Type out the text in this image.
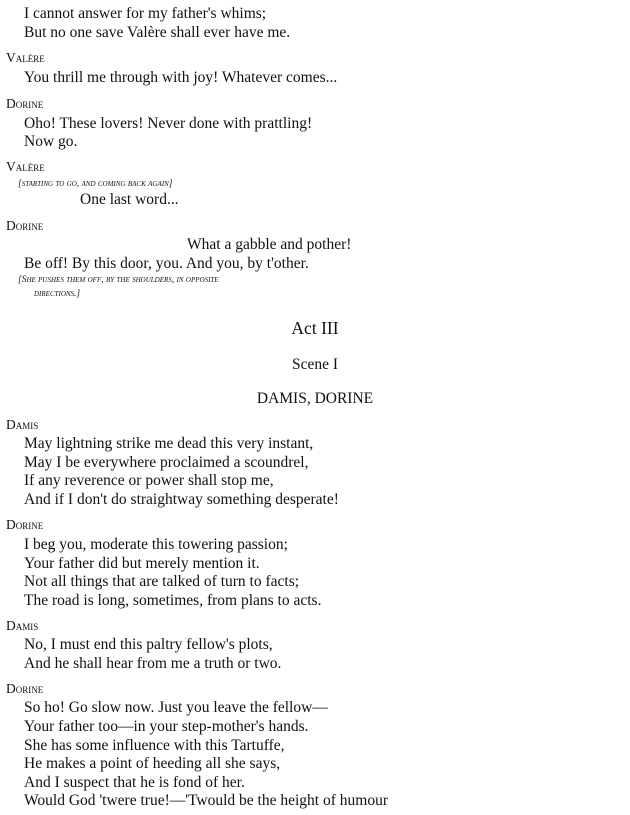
I cannot answer for my father's whims;
But no one save Valère shall ever have me.
Valère
You thrill me through with joy! Whatever comes...
Dorine
Oho! These lovers! Never done with prattling!
Now go.
Valère
[starting to go, and coming back again]
One last word...
Dorine
What a gabble and pother!
Be off! By this door, you. And you, by t'other.
[She pushes them off, by the shoulders, in opposite
directions.]
Act III
Scene I
DAMIS, DORINE
Damis
May lightning strike me dead this very instant,
May I be everywhere proclaimed a scoundrel,
If any reverence or power shall stop me,
And if I don't do straightway something desperate!
Dorine
I beg you, moderate this towering passion;
Your father did but merely mention it.
Not all things that are talked of turn to facts;
The road is long, sometimes, from plans to acts.
Damis
No, I must end this paltry fellow's plots,
And he shall hear from me a truth or two.
Dorine
So ho! Go slow now. Just you leave the fellow—
Your father too—in your step-mother's hands.
She has some influence with this Tartuffe,
He makes a point of heeding all she says,
And I suspect that he is fond of her.
Would God 'twere true!—'Twould be the height of humour
